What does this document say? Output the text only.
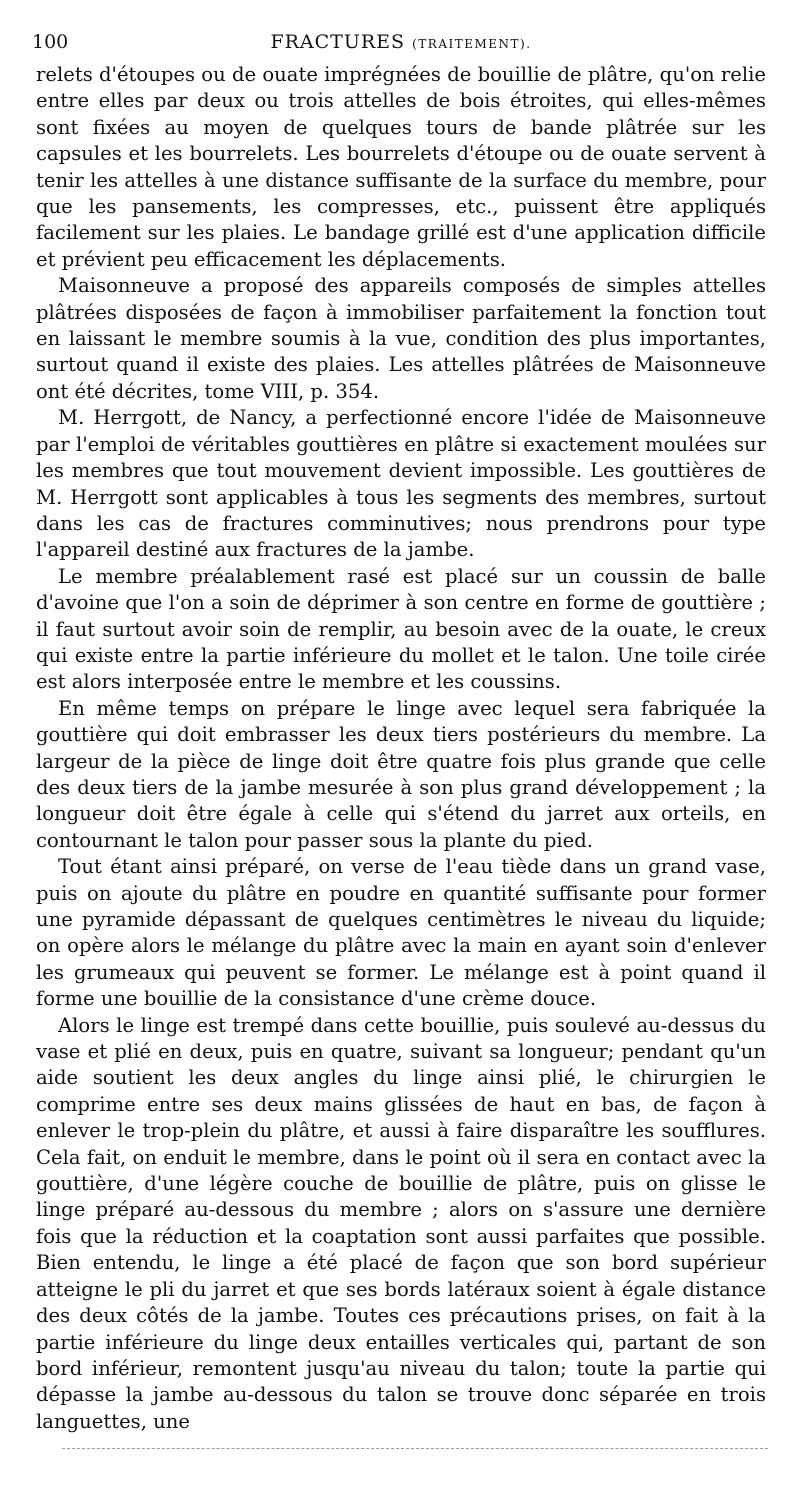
100	FRACTURES (TRAITEMENT).

relets d'étoupes ou de ouate imprégnées de bouillie de plâtre, qu'on relie entre elles par deux ou trois attelles de bois étroites, qui elles-mêmes sont fixées au moyen de quelques tours de bande plâtrée sur les capsules et les bourrelets. Les bourrelets d'étoupe ou de ouate servent à tenir les attelles à une distance suffisante de la surface du membre, pour que les pansements, les compresses, etc., puissent être appliqués facilement sur les plaies. Le bandage grillé est d'une application difficile et prévient peu efficacement les déplacements.

Maisonneuve a proposé des appareils composés de simples attelles plâtrées disposées de façon à immobiliser parfaitement la fonction tout en laissant le membre soumis à la vue, condition des plus importantes, surtout quand il existe des plaies. Les attelles plâtrées de Maisonneuve ont été décrites, tome VIII, p. 354.

M. Herrgott, de Nancy, a perfectionné encore l'idée de Maisonneuve par l'emploi de véritables gouttières en plâtre si exactement moulées sur les membres que tout mouvement devient impossible. Les gouttières de M. Herrgott sont applicables à tous les segments des membres, surtout dans les cas de fractures comminutives; nous prendrons pour type l'appareil destiné aux fractures de la jambe.

Le membre préalablement rasé est placé sur un coussin de balle d'avoine que l'on a soin de déprimer à son centre en forme de gouttière ; il faut surtout avoir soin de remplir, au besoin avec de la ouate, le creux qui existe entre la partie inférieure du mollet et le talon. Une toile cirée est alors interposée entre le membre et les coussins.

En même temps on prépare le linge avec lequel sera fabriquée la gouttière qui doit embrasser les deux tiers postérieurs du membre. La largeur de la pièce de linge doit être quatre fois plus grande que celle des deux tiers de la jambe mesurée à son plus grand développement ; la longueur doit être égale à celle qui s'étend du jarret aux orteils, en contournant le talon pour passer sous la plante du pied.

Tout étant ainsi préparé, on verse de l'eau tiède dans un grand vase, puis on ajoute du plâtre en poudre en quantité suffisante pour former une pyramide dépassant de quelques centimètres le niveau du liquide; on opère alors le mélange du plâtre avec la main en ayant soin d'enlever les grumeaux qui peuvent se former. Le mélange est à point quand il forme une bouillie de la consistance d'une crème douce.

Alors le linge est trempé dans cette bouillie, puis soulevé au-dessus du vase et plié en deux, puis en quatre, suivant sa longueur; pendant qu'un aide soutient les deux angles du linge ainsi plié, le chirurgien le comprime entre ses deux mains glissées de haut en bas, de façon à enlever le trop-plein du plâtre, et aussi à faire disparaître les soufflures. Cela fait, on enduit le membre, dans le point où il sera en contact avec la gouttière, d'une légère couche de bouillie de plâtre, puis on glisse le linge préparé au-dessous du membre ; alors on s'assure une dernière fois que la réduction et la coaptation sont aussi parfaites que possible. Bien entendu, le linge a été placé de façon que son bord supérieur atteigne le pli du jarret et que ses bords latéraux soient à égale distance des deux côtés de la jambe. Toutes ces précautions prises, on fait à la partie inférieure du linge deux entailles verticales qui, partant de son bord inférieur, remontent jusqu'au niveau du talon; toute la partie qui dépasse la jambe au-dessous du talon se trouve donc séparée en trois languettes, une
